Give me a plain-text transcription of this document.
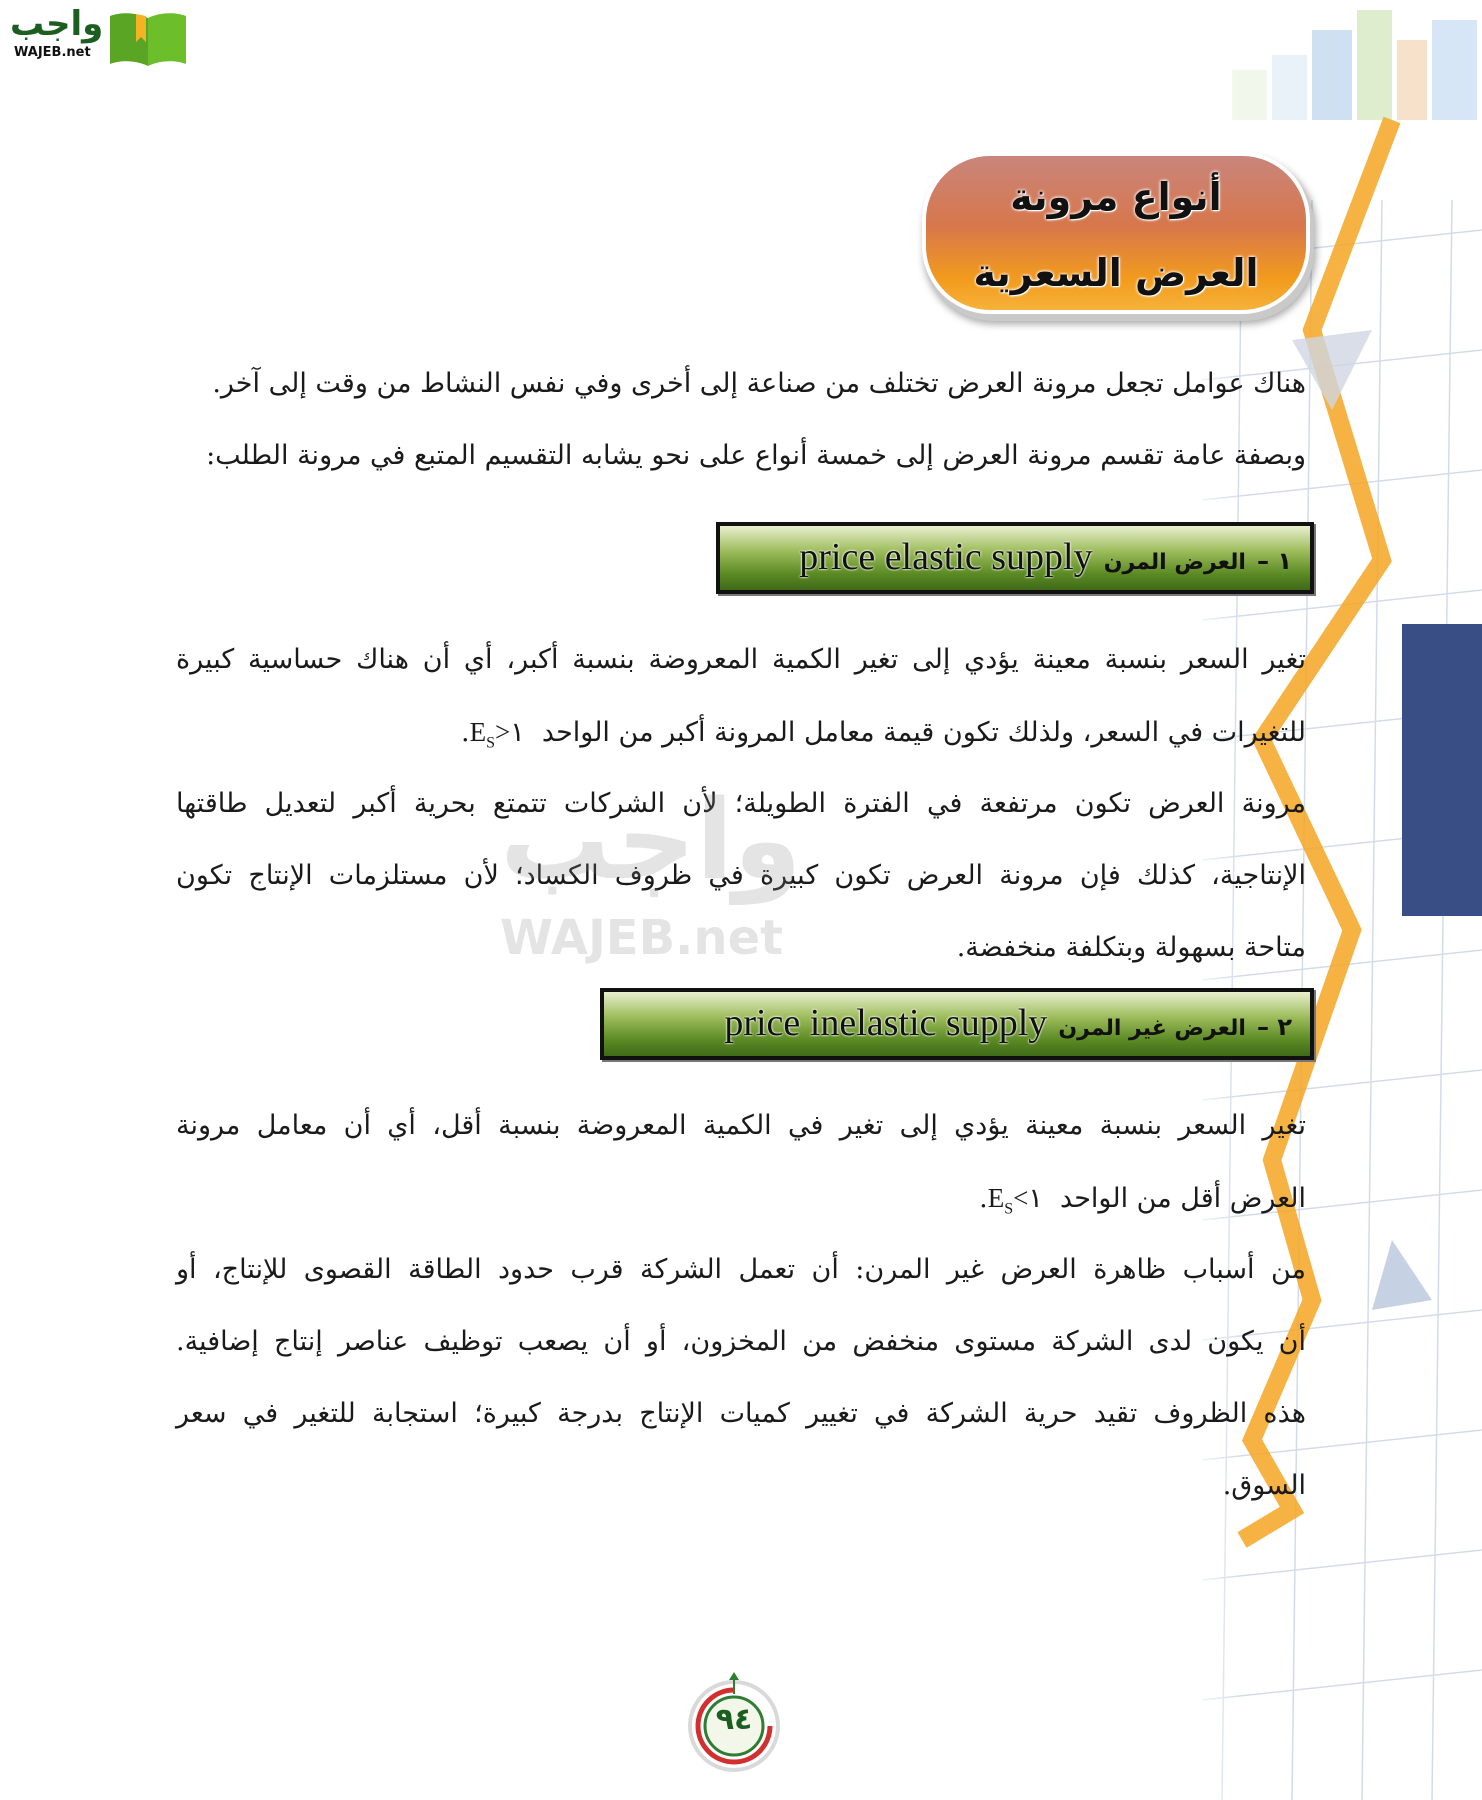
واجب
WAJEB.net
أنواع مرونة
العرض السعرية
هناك عوامل تجعل مرونة العرض تختلف من صناعة إلى أخرى وفي نفس النشاط من وقت إلى آخر.
وبصفة عامة تقسم مرونة العرض إلى خمسة أنواع على نحو يشابه التقسيم المتبع في مرونة الطلب:
١ – العرض المرن price elastic supply
تغير السعر بنسبة معينة يؤدي إلى تغير الكمية المعروضة بنسبة أكبر، أي أن هناك حساسية كبيرة
للتغيرات في السعر، ولذلك تكون قيمة معامل المرونة أكبر من الواحد  $E_S>١$.
مرونة العرض تكون مرتفعة في الفترة الطويلة؛ لأن الشركات تتمتع بحرية أكبر لتعديل طاقتها
الإنتاجية، كذلك فإن مرونة العرض تكون كبيرة في ظروف الكساد؛ لأن مستلزمات الإنتاج تكون
متاحة بسهولة وبتكلفة منخفضة.
واجب
WAJEB.net
٢ – العرض غير المرن price inelastic supply
تغير السعر بنسبة معينة يؤدي إلى تغير في الكمية المعروضة بنسبة أقل، أي أن معامل مرونة
العرض أقل من الواحد  $E_S<١$.
من أسباب ظاهرة العرض غير المرن: أن تعمل الشركة قرب حدود الطاقة القصوى للإنتاج، أو
أن يكون لدى الشركة مستوى منخفض من المخزون، أو أن يصعب توظيف عناصر إنتاج إضافية.
هذه الظروف تقيد حرية الشركة في تغيير كميات الإنتاج بدرجة كبيرة؛ استجابة للتغير في سعر
السوق.
٩٤
